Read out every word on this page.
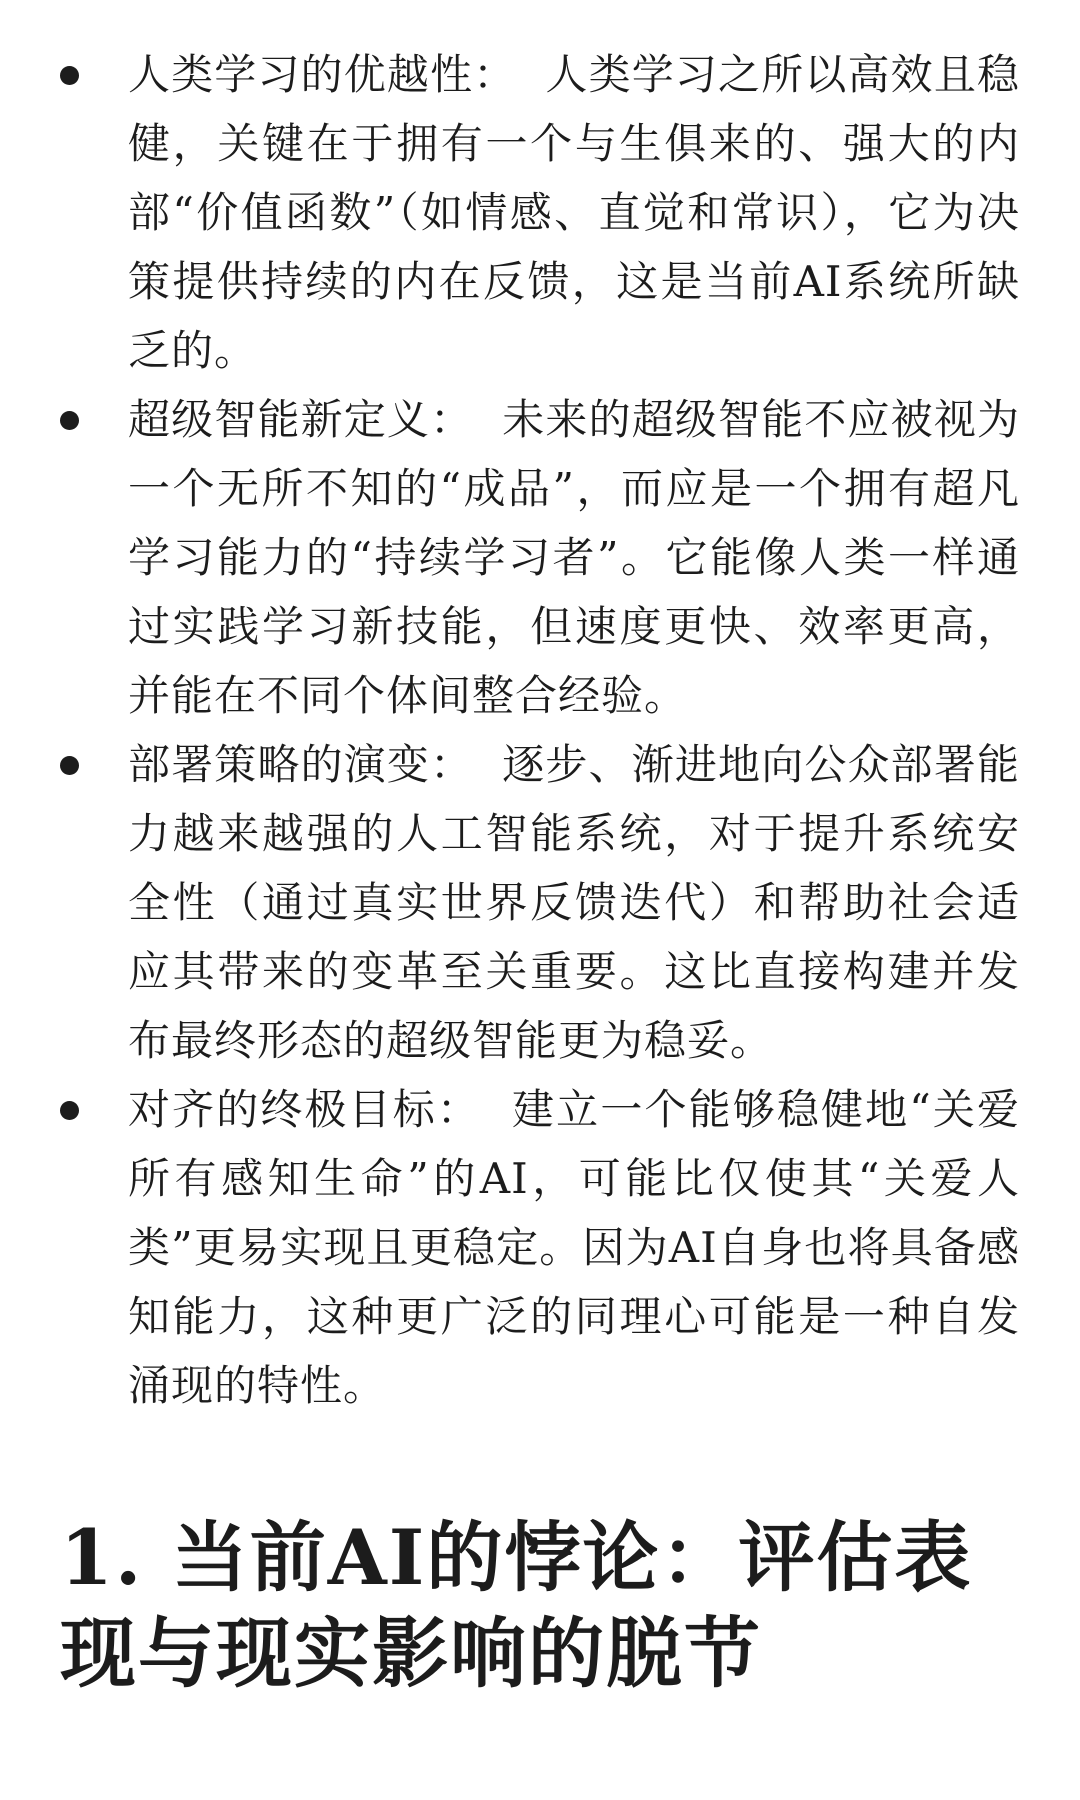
人类学习的优越性： 人类学习之所以高效且稳健，关键在于拥有一个与生俱来的、强大的内部“价值函数”（如情感、直觉和常识），它为决策提供持续的内在反馈，这是当前AI系统所缺乏的。
超级智能新定义： 未来的超级智能不应被视为一个无所不知的“成品”，而应是一个拥有超凡学习能力的“持续学习者”。它能像人类一样通过实践学习新技能，但速度更快、效率更高，并能在不同个体间整合经验。
部署策略的演变： 逐步、渐进地向公众部署能力越来越强的人工智能系统，对于提升系统安全性（通过真实世界反馈迭代）和帮助社会适应其带来的变革至关重要。这比直接构建并发布最终形态的超级智能更为稳妥。
对齐的终极目标： 建立一个能够稳健地“关爱所有感知生命”的AI，可能比仅使其“关爱人类”更易实现且更稳定。因为AI自身也将具备感知能力，这种更广泛的同理心可能是一种自发涌现的特性。
1. 当前AI的悖论：评估表现与现实影响的脱节
